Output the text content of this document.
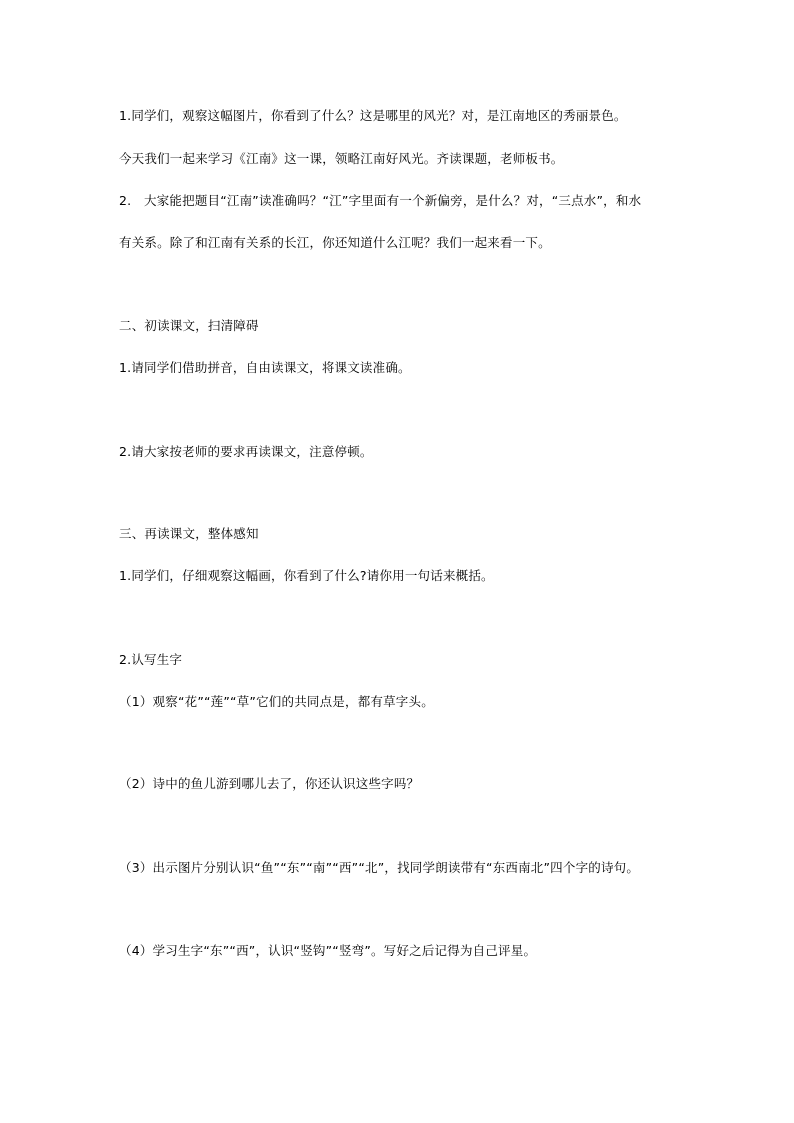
1.同学们，观察这幅图片，你看到了什么？这是哪里的风光？对，是江南地区的秀丽景色。
今天我们一起来学习《江南》这一课，领略江南好风光。齐读课题，老师板书。
2.　大家能把题目“江南”读准确吗？“江”字里面有一个新偏旁，是什么？对，“三点水”，和水
有关系。除了和江南有关系的长江，你还知道什么江呢？我们一起来看一下。
二、初读课文，扫清障碍
1.请同学们借助拼音，自由读课文，将课文读准确。
2.请大家按老师的要求再读课文，注意停顿。
三、再读课文，整体感知
1.同学们，仔细观察这幅画，你看到了什么?请你用一句话来概括。
2.认写生字
（1）观察“花”“莲”“草”它们的共同点是，都有草字头。
（2）诗中的鱼儿游到哪儿去了，你还认识这些字吗？
（3）出示图片分别认识“鱼”“东”“南”“西”“北”，找同学朗读带有“东西南北”四个字的诗句。
（4）学习生字“东”“西”，认识“竖钩”“竖弯”。写好之后记得为自己评星。
